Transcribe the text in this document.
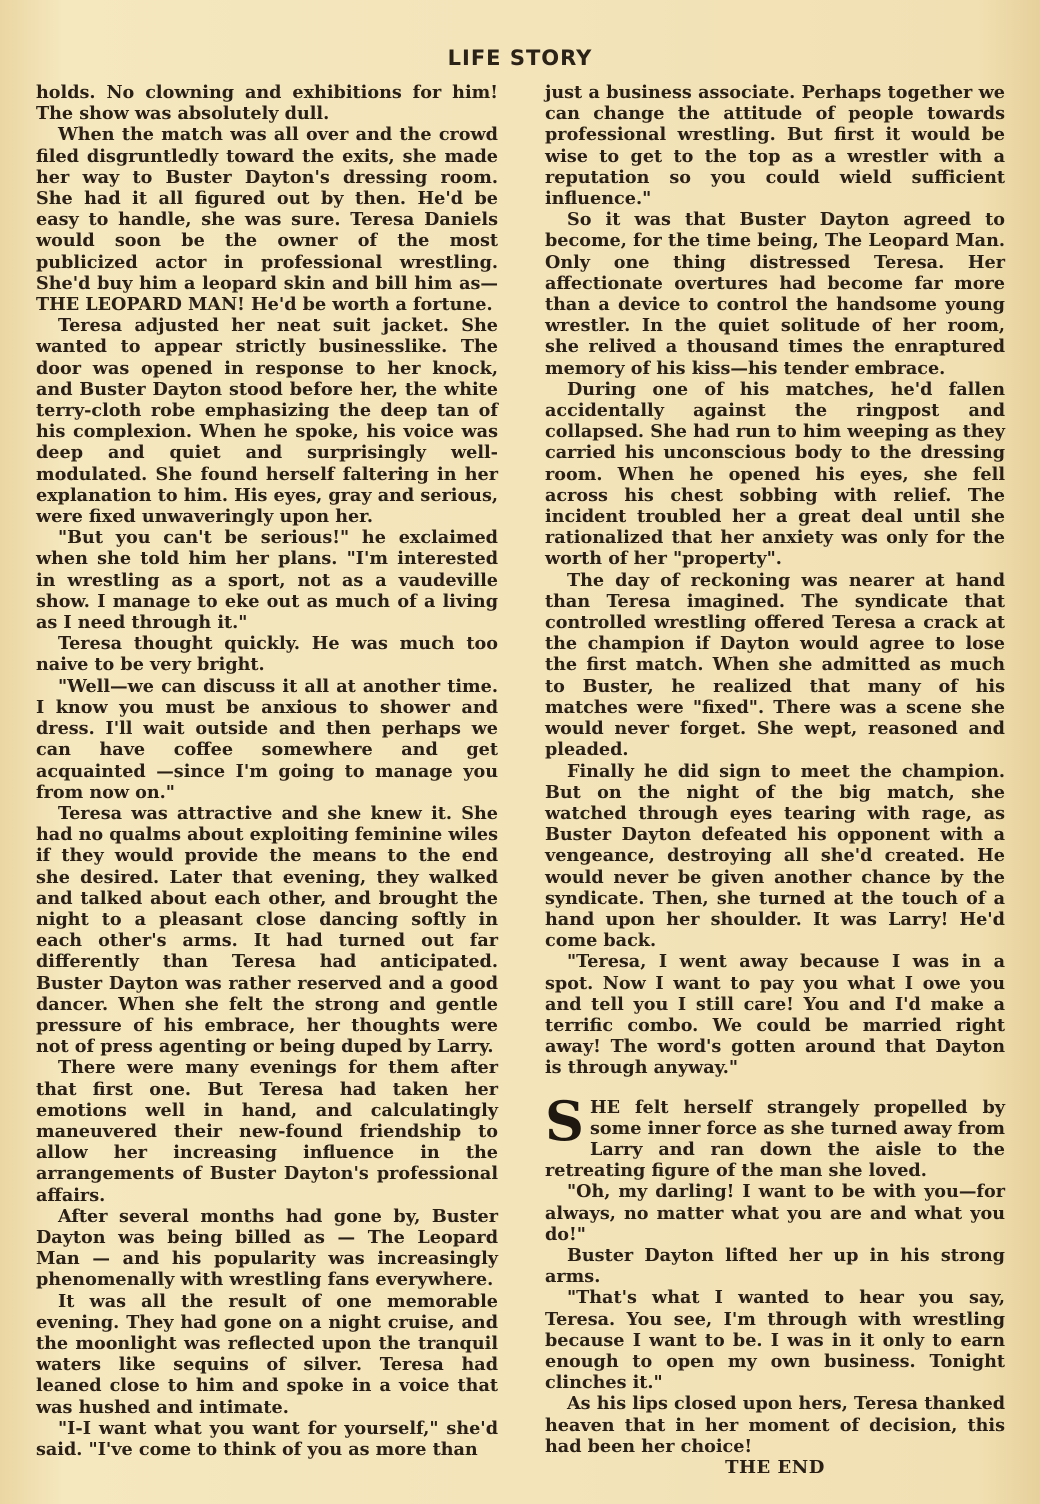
LIFE STORY

holds. No clowning and exhibitions for him! The show was absolutely dull.

When the match was all over and the crowd filed disgruntledly toward the exits, she made her way to Buster Dayton's dressing room. She had it all figured out by then. He'd be easy to handle, she was sure. Teresa Daniels would soon be the owner of the most publicized actor in professional wrestling. She'd buy him a leopard skin and bill him as—THE LEOPARD MAN! He'd be worth a fortune.

Teresa adjusted her neat suit jacket. She wanted to appear strictly businesslike. The door was opened in response to her knock, and Buster Dayton stood before her, the white terry-cloth robe emphasizing the deep tan of his complexion. When he spoke, his voice was deep and quiet and surprisingly well-modulated. She found herself faltering in her explanation to him. His eyes, gray and serious, were fixed unwaveringly upon her.

"But you can't be serious!" he exclaimed when she told him her plans. "I'm interested in wrestling as a sport, not as a vaudeville show. I manage to eke out as much of a living as I need through it."

Teresa thought quickly. He was much too naive to be very bright.

"Well—we can discuss it all at another time. I know you must be anxious to shower and dress. I'll wait outside and then perhaps we can have coffee somewhere and get acquainted —since I'm going to manage you from now on."

Teresa was attractive and she knew it. She had no qualms about exploiting feminine wiles if they would provide the means to the end she desired. Later that evening, they walked and talked about each other, and brought the night to a pleasant close dancing softly in each other's arms. It had turned out far differently than Teresa had anticipated. Buster Dayton was rather reserved and a good dancer. When she felt the strong and gentle pressure of his embrace, her thoughts were not of press agenting or being duped by Larry.

There were many evenings for them after that first one. But Teresa had taken her emotions well in hand, and calculatingly maneuvered their new-found friendship to allow her increasing influence in the arrangements of Buster Dayton's professional affairs.

After several months had gone by, Buster Dayton was being billed as — The Leopard Man — and his popularity was increasingly phenomenally with wrestling fans everywhere.

It was all the result of one memorable evening. They had gone on a night cruise, and the moonlight was reflected upon the tranquil waters like sequins of silver. Teresa had leaned close to him and spoke in a voice that was hushed and intimate.

"I-I want what you want for yourself," she'd said. "I've come to think of you as more than

just a business associate. Perhaps together we can change the attitude of people towards professional wrestling. But first it would be wise to get to the top as a wrestler with a reputation so you could wield sufficient influence."

So it was that Buster Dayton agreed to become, for the time being, The Leopard Man. Only one thing distressed Teresa. Her affectionate overtures had become far more than a device to control the handsome young wrestler. In the quiet solitude of her room, she relived a thousand times the enraptured memory of his kiss—his tender embrace.

During one of his matches, he'd fallen accidentally against the ringpost and collapsed. She had run to him weeping as they carried his unconscious body to the dressing room. When he opened his eyes, she fell across his chest sobbing with relief. The incident troubled her a great deal until she rationalized that her anxiety was only for the worth of her "property".

The day of reckoning was nearer at hand than Teresa imagined. The syndicate that controlled wrestling offered Teresa a crack at the champion if Dayton would agree to lose the first match. When she admitted as much to Buster, he realized that many of his matches were "fixed". There was a scene she would never forget. She wept, reasoned and pleaded.

Finally he did sign to meet the champion. But on the night of the big match, she watched through eyes tearing with rage, as Buster Dayton defeated his opponent with a vengeance, destroying all she'd created. He would never be given another chance by the syndicate. Then, she turned at the touch of a hand upon her shoulder. It was Larry! He'd come back.

"Teresa, I went away because I was in a spot. Now I want to pay you what I owe you and tell you I still care! You and I'd make a terrific combo. We could be married right away! The word's gotten around that Dayton is through anyway."

SHE felt herself strangely propelled by some inner force as she turned away from Larry and ran down the aisle to the retreating figure of the man she loved.

"Oh, my darling! I want to be with you—for always, no matter what you are and what you do!"

Buster Dayton lifted her up in his strong arms.

"That's what I wanted to hear you say, Teresa. You see, I'm through with wrestling because I want to be. I was in it only to earn enough to open my own business. Tonight clinches it."

As his lips closed upon hers, Teresa thanked heaven that in her moment of decision, this had been her choice!

THE END
